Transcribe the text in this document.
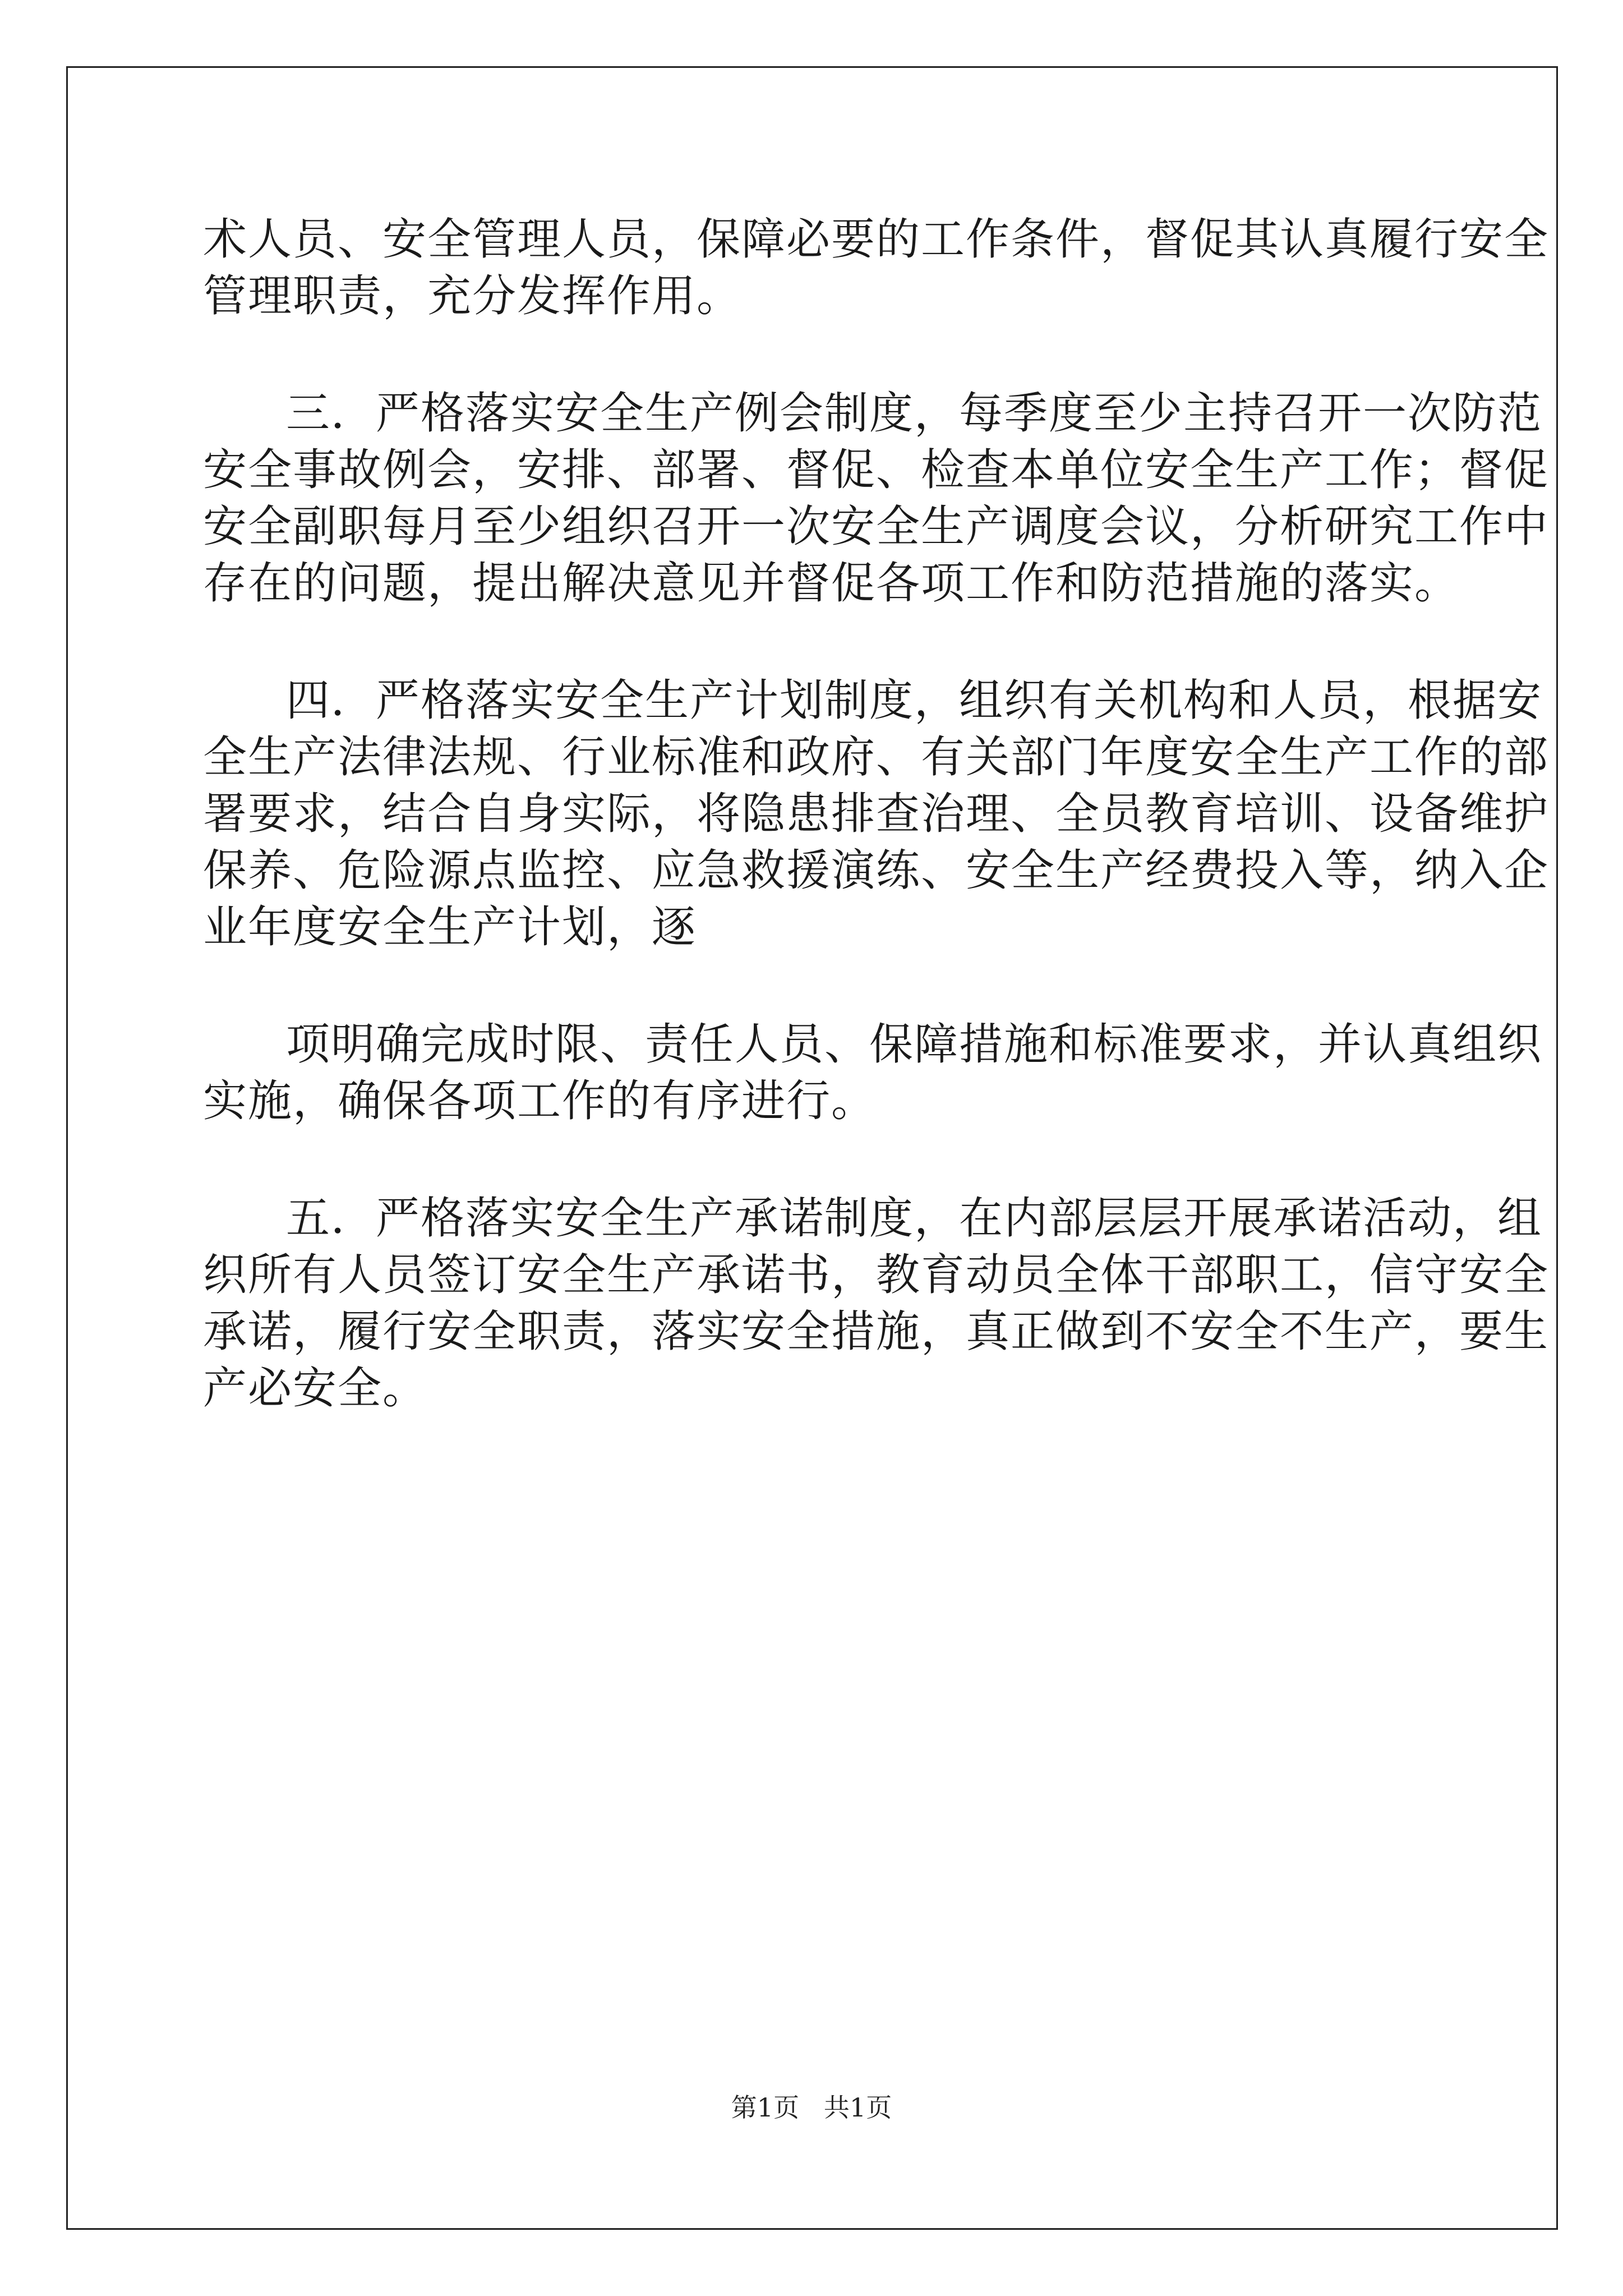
术人员、安全管理人员，保障必要的工作条件，督促其认真履行安全

管理职责，充分发挥作用。

三．严格落实安全生产例会制度，每季度至少主持召开一次防范

安全事故例会，安排、部署、督促、检查本单位安全生产工作；督促

安全副职每月至少组织召开一次安全生产调度会议，分析研究工作中

存在的问题，提出解决意见并督促各项工作和防范措施的落实。

四．严格落实安全生产计划制度，组织有关机构和人员，根据安

全生产法律法规、行业标准和政府、有关部门年度安全生产工作的部

署要求，结合自身实际，将隐患排查治理、全员教育培训、设备维护

保养、危险源点监控、应急救援演练、安全生产经费投入等，纳入企

业年度安全生产计划，逐

项明确完成时限、责任人员、保障措施和标准要求，并认真组织

实施，确保各项工作的有序进行。

五．严格落实安全生产承诺制度，在内部层层开展承诺活动，组

织所有人员签订安全生产承诺书，教育动员全体干部职工，信守安全

承诺，履行安全职责，落实安全措施，真正做到不安全不生产，要生

产必安全。

第1页   共1页
